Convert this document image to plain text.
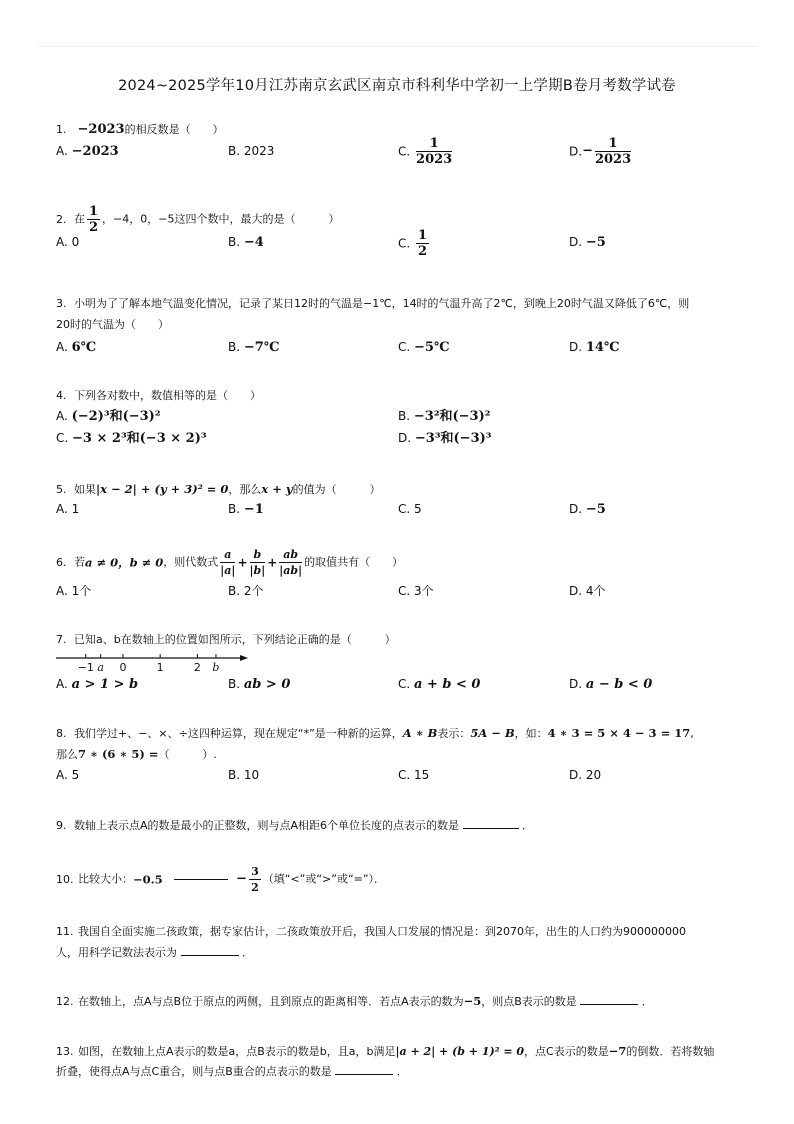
2024~2025学年10月江苏南京玄武区南京市科利华中学初一上学期B卷月考数学试卷
1. −2023的相反数是（　　）
A. −2023	B. 2023	C. $\frac{1}{2023}$	$D.- \frac{1}{2023}$
2. 在 $\frac{1}{2}$ ，−4，0，−5这四个数中，最大的是（　　　）
A. 0	B. −4	C. $\frac{1}{2}$	D. −5
3. 小明为了了解本地气温变化情况，记录了某日12时的气温是−1℃，14时的气温升高了2℃，到晚上20时气温又降低了6℃，则
20时的气温为（　　）
A. 6℃	B. −7℃	C. −5℃	D. 14℃
4. 下列各对数中，数值相等的是（　　）
A. (−2)³和(−3)²	B. −3²和(−3)²
C. −3 × 2³和(−3 × 2)³	D. −3³和(−3)³
5. 如果|x − 2| + (y + 3)² = 0，那么x + y的值为（　　　）
A. 1	B. −1	C. 5	D. −5
6. 若a ≠ 0，b ≠ 0，则代数式 $\frac{a}{|a|} + \frac{b}{|b|} + \frac{ab}{|ab|}$ 的取值共有（　　）
A. 1个	B. 2个	C. 3个	D. 4个
7. 已知a、b在数轴上的位置如图所示，下列结论正确的是（　　　）
−1 a 0	1	2 b
A. a > 1 > b	B. ab > 0	C. a + b < 0	D. a − b < 0
8. 我们学过+、−、×、÷这四种运算，现在规定“*”是一种新的运算，A ∗ B表示：5A − B，如：4 ∗ 3 = 5 × 4 − 3 = 17,
那么7 ∗ (6 ∗ 5) =（　　　）.
A. 5	B. 10	C. 15	D. 20
9. 数轴上表示点A的数是最小的正整数，则与点A相距6个单位长度的点表示的数是	．
10. 比较大小：−0.5	− $\frac{3}{2}$ （填“<”或“>”或“=”）．
11. 我国自全面实施二孩政策，据专家估计，二孩政策放开后，我国人口发展的情况是：到2070年，出生的人口约为900000000
人，用科学记数法表示为	．
12. 在数轴上，点A与点B位于原点的两侧，且到原点的距离相等．若点A表示的数为−5，则点B表示的数是	．
13. 如图，在数轴上点A表示的数是a，点B表示的数是b，且a，b满足|a + 2| + (b + 1)² = 0，点C表示的数是−7的倒数．若将数轴
折叠，使得点A与点C重合，则与点B重合的点表示的数是	．
